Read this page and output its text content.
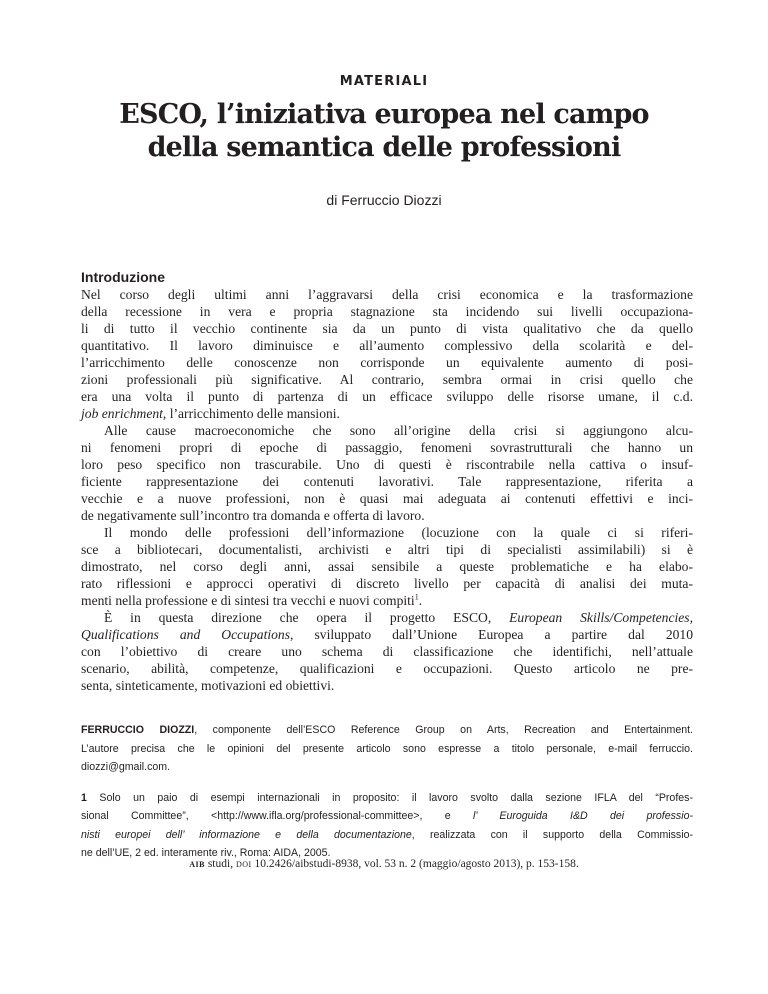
MATERIALI
ESCO, l’iniziativa europea nel campo
della semantica delle professioni
di Ferruccio Diozzi
Introduzione
Nel corso degli ultimi anni l’aggravarsi della crisi economica e la trasformazione
della recessione in vera e propria stagnazione sta incidendo sui livelli occupaziona-
li di tutto il vecchio continente sia da un punto di vista qualitativo che da quello
quantitativo. Il lavoro diminuisce e all’aumento complessivo della scolarità e del-
l’arricchimento delle conoscenze non corrisponde un equivalente aumento di posi-
zioni professionali più significative. Al contrario, sembra ormai in crisi quello che
era una volta il punto di partenza di un efficace sviluppo delle risorse umane, il c.d.
job enrichment, l’arricchimento delle mansioni.
Alle cause macroeconomiche che sono all’origine della crisi si aggiungono alcu-
ni fenomeni propri di epoche di passaggio, fenomeni sovrastrutturali che hanno un
loro peso specifico non trascurabile. Uno di questi è riscontrabile nella cattiva o insuf-
ficiente rappresentazione dei contenuti lavorativi. Tale rappresentazione, riferita a
vecchie e a nuove professioni, non è quasi mai adeguata ai contenuti effettivi e inci-
de negativamente sull’incontro tra domanda e offerta di lavoro.
Il mondo delle professioni dell’informazione (locuzione con la quale ci si riferi-
sce a bibliotecari, documentalisti, archivisti e altri tipi di specialisti assimilabili) si è
dimostrato, nel corso degli anni, assai sensibile a queste problematiche e ha elabo-
rato riflessioni e approcci operativi di discreto livello per capacità di analisi dei muta-
menti nella professione e di sintesi tra vecchi e nuovi compiti$^1$.
È in questa direzione che opera il progetto ESCO, European Skills/Competencies,
Qualifications and Occupations, sviluppato dall’Unione Europea a partire dal 2010
con l’obiettivo di creare uno schema di classificazione che identifichi, nell’attuale
scenario, abilità, competenze, qualificazioni e occupazioni. Questo articolo ne pre-
senta, sinteticamente, motivazioni ed obiettivi.
FERRUCCIO DIOZZI, componente dell’ESCO Reference Group on Arts, Recreation and Entertainment.
L’autore precisa che le opinioni del presente articolo sono espresse a titolo personale, e-mail ferruccio.
diozzi@gmail.com.
1 Solo un paio di esempi internazionali in proposito: il lavoro svolto dalla sezione IFLA del “Profes-
sional Committee”, <http://www.ifla.org/professional-committee>, e l’ Euroguida I&D dei professio-
nisti europei dell’ informazione e della documentazione, realizzata con il supporto della Commissio-
ne dell’UE, 2 ed. interamente riv., Roma: AIDA, 2005.
aib studi, doi 10.2426/aibstudi-8938, vol. 53 n. 2 (maggio/agosto 2013), p. 153-158.
